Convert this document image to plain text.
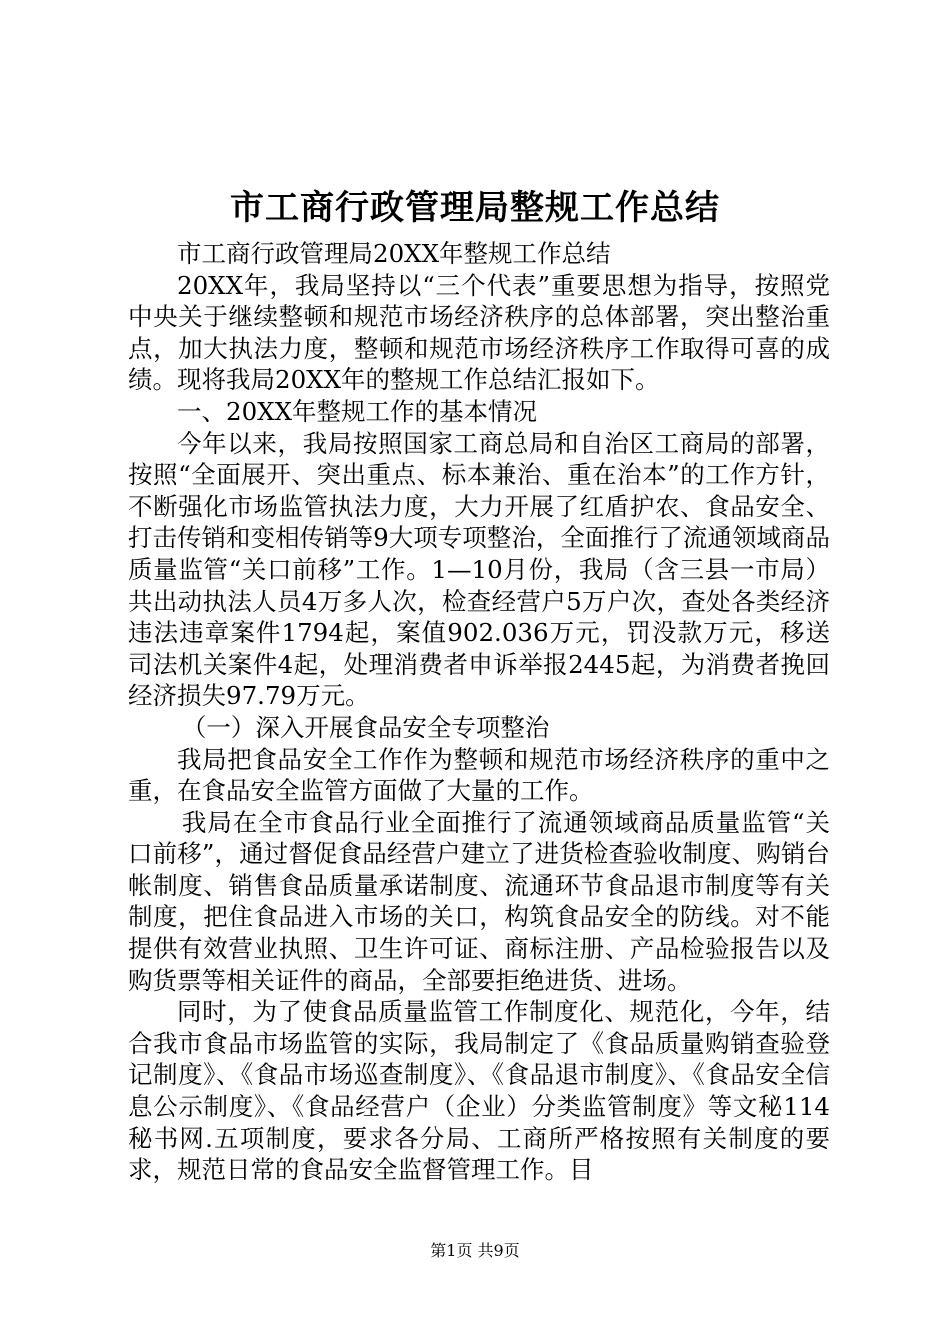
市工商行政管理局整规工作总结

市工商行政管理局20XX年整规工作总结

20XX年，我局坚持以“三个代表”重要思想为指导，按照党中央关于继续整顿和规范市场经济秩序的总体部署，突出整治重点，加大执法力度，整顿和规范市场经济秩序工作取得可喜的成绩。现将我局20XX年的整规工作总结汇报如下。

一、20XX年整规工作的基本情况

今年以来，我局按照国家工商总局和自治区工商局的部署，按照“全面展开、突出重点、标本兼治、重在治本”的工作方针，不断强化市场监管执法力度，大力开展了红盾护农、食品安全、打击传销和变相传销等9大项专项整治，全面推行了流通领域商品质量监管“关口前移”工作。1—10月份，我局（含三县一市局）共出动执法人员4万多人次，检查经营户5万户次，查处各类经济违法违章案件1794起，案值902.036万元，罚没款万元，移送司法机关案件4起，处理消费者申诉举报2445起，为消费者挽回经济损失97.79万元。

（一）深入开展食品安全专项整治

我局把食品安全工作作为整顿和规范市场经济秩序的重中之重，在食品安全监管方面做了大量的工作。

我局在全市食品行业全面推行了流通领域商品质量监管“关口前移”，通过督促食品经营户建立了进货检查验收制度、购销台帐制度、销售食品质量承诺制度、流通环节食品退市制度等有关制度，把住食品进入市场的关口，构筑食品安全的防线。对不能提供有效营业执照、卫生许可证、商标注册、产品检验报告以及购货票等相关证件的商品，全部要拒绝进货、进场。

同时，为了使食品质量监管工作制度化、规范化，今年，结合我市食品市场监管的实际，我局制定了《食品质量购销查验登记制度》、《食品市场巡查制度》、《食品退市制度》、《食品安全信息公示制度》、《食品经营户（企业）分类监管制度》等文秘114秘书网.五项制度，要求各分局、工商所严格按照有关制度的要求，规范日常的食品安全监督管理工作。目

第1页 共9页
